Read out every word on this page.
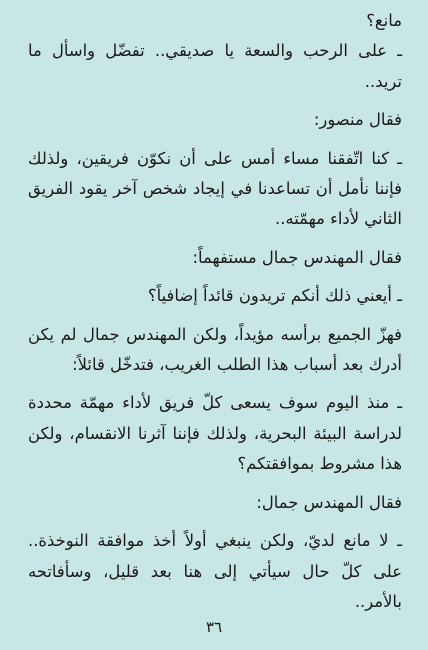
مانع؟

ـ على الرحب والسعة يا صديقي.. تفضّل واسأل ما تريد..

فقال منصور:

ـ كنا اتّفقنا مساء أمس على أن نكوّن فريقين، ولذلك فإننا نأمل أن تساعدنا في إيجاد شخص آخر يقود الفريق الثاني لأداء مهمّته..

فقال المهندس جمال مستفهماً:

ـ أيعني ذلك أنكم تريدون قائداً إضافياً؟

فهزّ الجميع برأسه مؤيداً، ولكن المهندس جمال لم يكن أدرك بعد أسباب هذا الطلب الغريب، فتدخّل قائلاً:

ـ منذ اليوم سوف يسعى كلّ فريق لأداء مهمّة محددة لدراسة البيئة البحرية، ولذلك فإننا آثرنا الانقسام، ولكن هذا مشروط بموافقتكم؟

فقال المهندس جمال:

ـ لا مانع لديّ، ولكن ينبغي أولاً أخذ موافقة النوخذة.. على كلّ حال سيأتي إلى هنا بعد قليل، وسأفاتحه بالأمر..

٣٦
